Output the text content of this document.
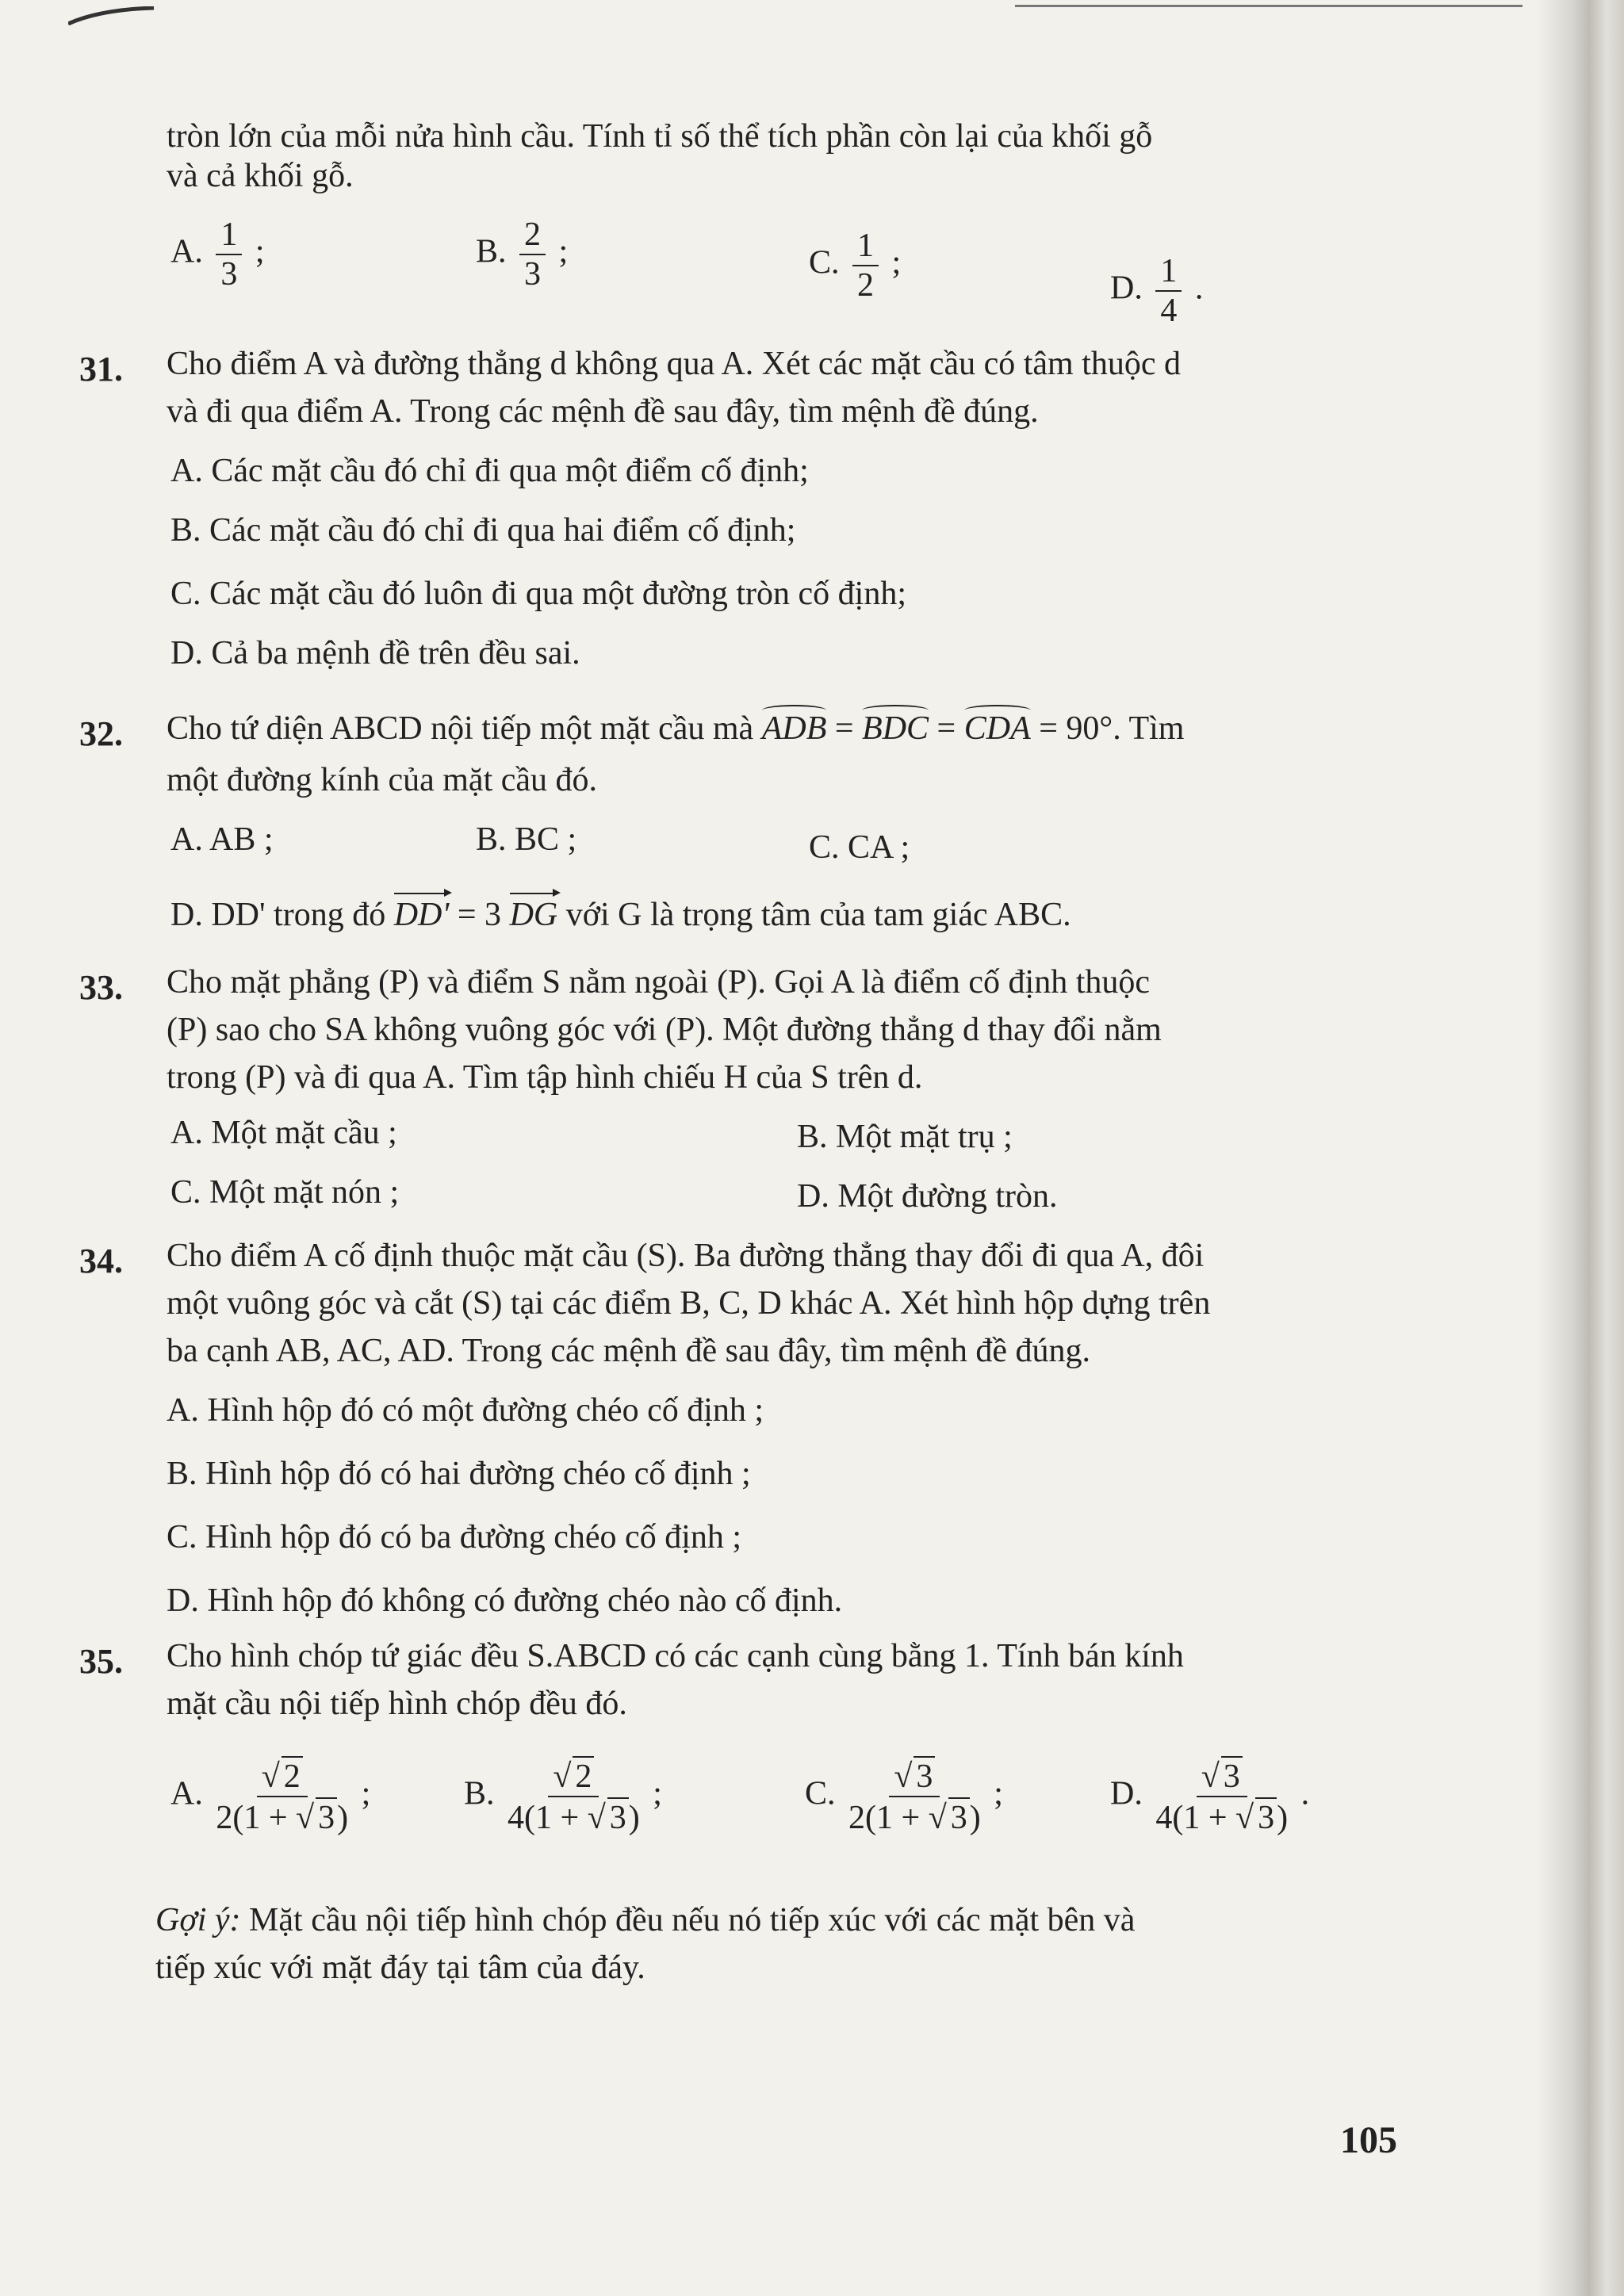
tròn lớn của mỗi nửa hình cầu. Tính tỉ số thể tích phần còn lại của khối gỗ
và cả khối gỗ.
A. $\frac{1}{3}$ ;	B. $\frac{2}{3}$ ;	C. $\frac{1}{2}$ ;
D. $\frac{1}{4}$ .
31. Cho điểm A và đường thẳng d không qua A. Xét các mặt cầu có tâm thuộc d
và đi qua điểm A. Trong các mệnh đề sau đây, tìm mệnh đề đúng.
A. Các mặt cầu đó chỉ đi qua một điểm cố định;
B. Các mặt cầu đó chỉ đi qua hai điểm cố định;
C. Các mặt cầu đó luôn đi qua một đường tròn cố định;
D. Cả ba mệnh đề trên đều sai.
32. Cho tứ diện ABCD nội tiếp một mặt cầu mà ADB = BDC = CDA = 90°. Tìm
một đường kính của mặt cầu đó.
A. AB ;	B. BC ;	C. CA ;
D. DD' trong đó DD' = 3 DG với G là trọng tâm của tam giác ABC.
33. Cho mặt phẳng (P) và điểm S nằm ngoài (P). Gọi A là điểm cố định thuộc
(P) sao cho SA không vuông góc với (P). Một đường thẳng d thay đổi nằm
trong (P) và đi qua A. Tìm tập hình chiếu H của S trên d.
A. Một mặt cầu ;	B. Một mặt trụ ;
C. Một mặt nón ;	D. Một đường tròn.
34. Cho điểm A cố định thuộc mặt cầu (S). Ba đường thẳng thay đổi đi qua A, đôi
một vuông góc và cắt (S) tại các điểm B, C, D khác A. Xét hình hộp dựng trên
ba cạnh AB, AC, AD. Trong các mệnh đề sau đây, tìm mệnh đề đúng.
A. Hình hộp đó có một đường chéo cố định ;
B. Hình hộp đó có hai đường chéo cố định ;
C. Hình hộp đó có ba đường chéo cố định ;
D. Hình hộp đó không có đường chéo nào cố định.
35. Cho hình chóp tứ giác đều S.ABCD có các cạnh cùng bằng 1. Tính bán kính
mặt cầu nội tiếp hình chóp đều đó.
A. $\frac{√ 2}{2(1 + √ 3)}$ ;	B. $\frac{√ 2}{4(1 + √ 3)}$ ;	C. $\frac{√ 3}{2(1 + √ 3)}$ ;	D. $\frac{√ 3}{4(1 + √ 3)}$ .
Gợi ý: Mặt cầu nội tiếp hình chóp đều nếu nó tiếp xúc với các mặt bên và
tiếp xúc với mặt đáy tại tâm của đáy.
105
